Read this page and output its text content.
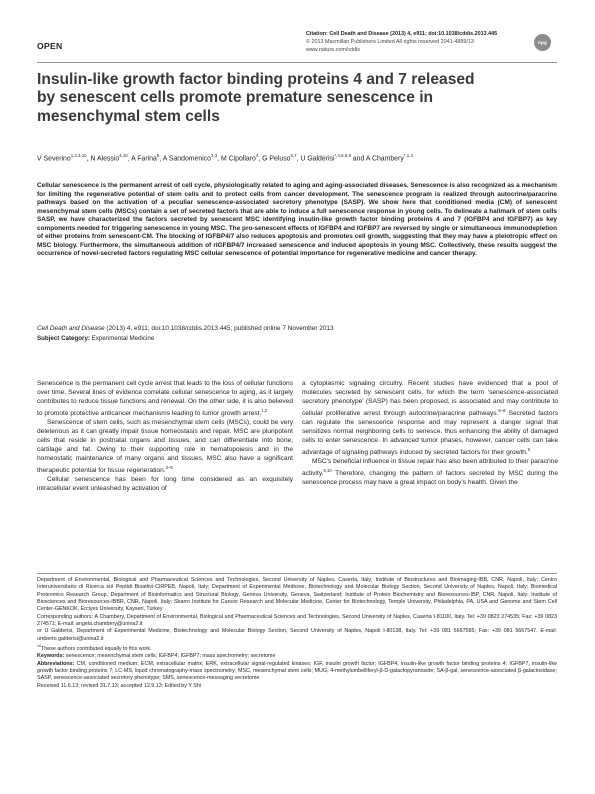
OPEN
Citation: Cell Death and Disease (2013) 4, e911; doi:10.1038/cddis.2013.445
© 2013 Macmillan Publishers Limited All rights reserved 2041-4889/13
www.nature.com/cddis
npg
Insulin-like growth factor binding proteins 4 and 7 released by senescent cells promote premature senescence in mesenchymal stem cells
V Severino$^{1,2,3,10}$, N Alessio$^{4,10}$, A Farina$^5$, A Sandomenico$^{2,3}$, M Cipollaro$^4$, G Peluso$^{6,7}$, U Galderisi$^{*,4,6,8,9}$ and A Chambery$^{*,1,3}$
Cellular senescence is the permanent arrest of cell cycle, physiologically related to aging and aging-associated diseases. Senescence is also recognized as a mechanism for limiting the regenerative potential of stem cells and to protect cells from cancer development. The senescence program is realized through autocrine/paracrine pathways based on the activation of a peculiar senescence-associated secretory phenotype (SASP). We show here that conditioned media (CM) of senescent mesenchymal stem cells (MSCs) contain a set of secreted factors that are able to induce a full senescence response in young cells. To delineate a hallmark of stem cells SASP, we have characterized the factors secreted by senescent MSC identifying insulin-like growth factor binding proteins 4 and 7 (IGFBP4 and IGFBP7) as key components needed for triggering senescence in young MSC. The pro-senescent effects of IGFBP4 and IGFBP7 are reversed by single or simultaneous immunodepletion of either proteins from senescent-CM. The blocking of IGFBP4/7 also reduces apoptosis and promotes cell growth, suggesting that they may have a pleiotropic effect on MSC biology. Furthermore, the simultaneous addition of rIGFBP4/7 increased senescence and induced apoptosis in young MSC. Collectively, these results suggest the occurrence of novel-secreted factors regulating MSC cellular senescence of potential importance for regenerative medicine and cancer therapy.
Cell Death and Disease (2013) 4, e911; doi:10.1038/cddis.2013.445; published online 7 November 2013
Subject Category: Experimental Medicine

Senescence is the permanent cell cycle arrest that leads to the loss of cellular functions over time. Several lines of evidence correlate cellular senescence to aging, as it largely contributes to reduce tissue functions and renewal. On the other side, it is also believed to promote protective anticancer mechanisms leading to tumor growth arrest.$^{1,2}$

Senescence of stem cells, such as mesenchymal stem cells (MSCs), could be very deleterious as it can greatly impair tissue homeostasis and repair. MSC are pluripotent cells that reside in postnatal organs and tissues, and can differentiate into bone, cartilage and fat. Owing to their supporting role in hematopoiesis and in the homeostatic maintenance of many organs and tissues, MSC also have a significant therapeutic potential for tissue regeneration.$^{3-5}$

Cellular senescence has been for long time considered as an exquisitely intracellular event unleashed by activation of

a cytoplasmic signaling circuitry. Recent studies have evidenced that a pool of molecules secreted by senescent cells, for which the term ‘senescence-associated secretory phenotype’ (SASP) has been proposed, is associated and may contribute to cellular proliferative arrest through autocrine/paracrine pathways.$^{6-8}$ Secreted factors can regulate the senescence response and may represent a danger signal that sensitizes normal neighboring cells to senesce, thus enhancing the ability of damaged cells to enter senescence. In advanced tumor phases, however, cancer cells can take advantage of signaling pathways induced by secreted factors for their growth.$^6$

MSC’s beneficial influence in tissue repair has also been attributed to their paracrine activity.$^{9,10}$ Therefore, changing the pattern of factors secreted by MSC during the senescence process may have a great impact on body’s health. Given the

Department of Environmental, Biological and Pharmaceutical Sciences and Technologies, Second University of Naples, Caserta, Italy; Institute of Biostructures and Bioimaging-IBB, CNR, Napoli, Italy; Centro Interuniversitario di Ricerca sui Peptidi Bioattivi-CIRPEB, Napoli, Italy; Department of Experimental Medicine, Biotechnology and Molecular Biology Section, Second University of Naples, Napoli, Italy; Biomedical Proteomics Research Group, Department of Bioinformatics and Structural Biology, Geneva University, Geneva, Switzerland; Institute of Protein Biochemistry and Bioresources-IBP, CNR, Napoli, Italy; Institute of Biosciences and Bioresources-IBBR, CNR, Napoli, Italy; Sbarro Institute for Cancer Research and Molecular Medicine, Center for Biotechnology, Temple University, Philadelphia, PA, USA and Genome and Stem Cell Center-GENKOK, Erciyes University, Kayseri, Turkey

Corresponding authors: A Chambery, Department of Environmental, Biological and Pharmaceutical Sciences and Technologies, Second University of Naples, Caserta I-81100, Italy. Tel: +39 0823 274535; Fax: +39 0823 274571; E-mail: angela.chambery@unina2.it

or U Galderisi, Department of Experimental Medicine, Biotechnology and Molecular Biology Section, Second University of Naples, Napoli I-80138, Italy. Tel: +39 081 5667585; Fax: +39 081 5667547. E-mail: umberto.galderisi@unina2.it

$^{10}$These authors contributed equally to this work.

Keywords: senescence; mesenchymal stem cells; IGFBP4; IGFBP7; mass spectrometry; secretome

Abbreviations: CM, conditioned medium; ECM, extracellular matrix; ERK, extracellular signal-regulated kinases; IGF, insulin growth factor; IGFBP4, insulin-like growth factor binding proteins 4; IGFBP7, insulin-like growth factor binding proteins 7; LC-MS, liquid chromatography-mass spectrometry; MSC, mesenchymal stem cells; MUG, 4-methylumbelliferyl-β-D-galactopyranoside; SA-β-gal, senescence-associated β-galactosidase; SASP, senescence-associated secretory phenotype; SMS, senescence-messaging secretome

Received 11.6.13; revised 31.7.13; accepted 12.9.13; Edited by Y Shi
